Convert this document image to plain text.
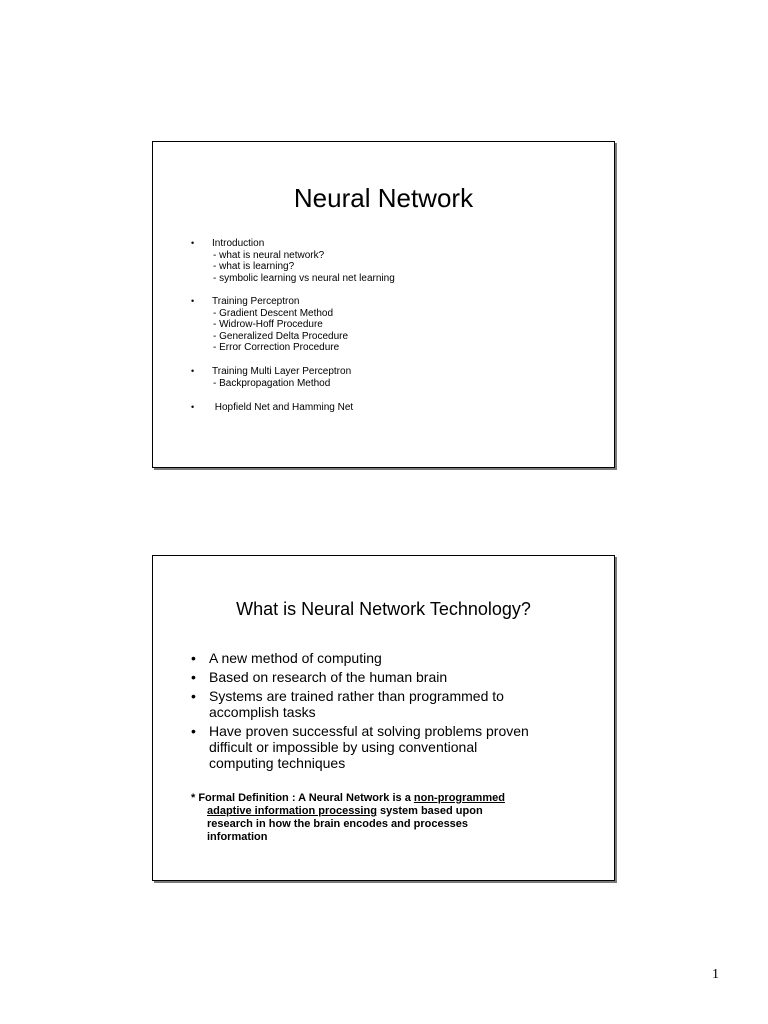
Neural Network
• Introduction
- what is neural network?
- what is learning?
- symbolic learning vs neural net learning
• Training Perceptron
- Gradient Descent Method
- Widrow-Hoff Procedure
- Generalized Delta Procedure
- Error Correction Procedure
• Training Multi Layer Perceptron
- Backpropagation Method
• Hopfield Net and Hamming Net
What is Neural Network Technology?
• A new method of computing
• Based on research of the human brain
• Systems are trained rather than programmed to
accomplish tasks
• Have proven successful at solving problems proven
difficult or impossible by using conventional
computing techniques
* Formal Definition : A Neural Network is a non-programmed
adaptive information processing system based upon
research in how the brain encodes and processes
information
1
